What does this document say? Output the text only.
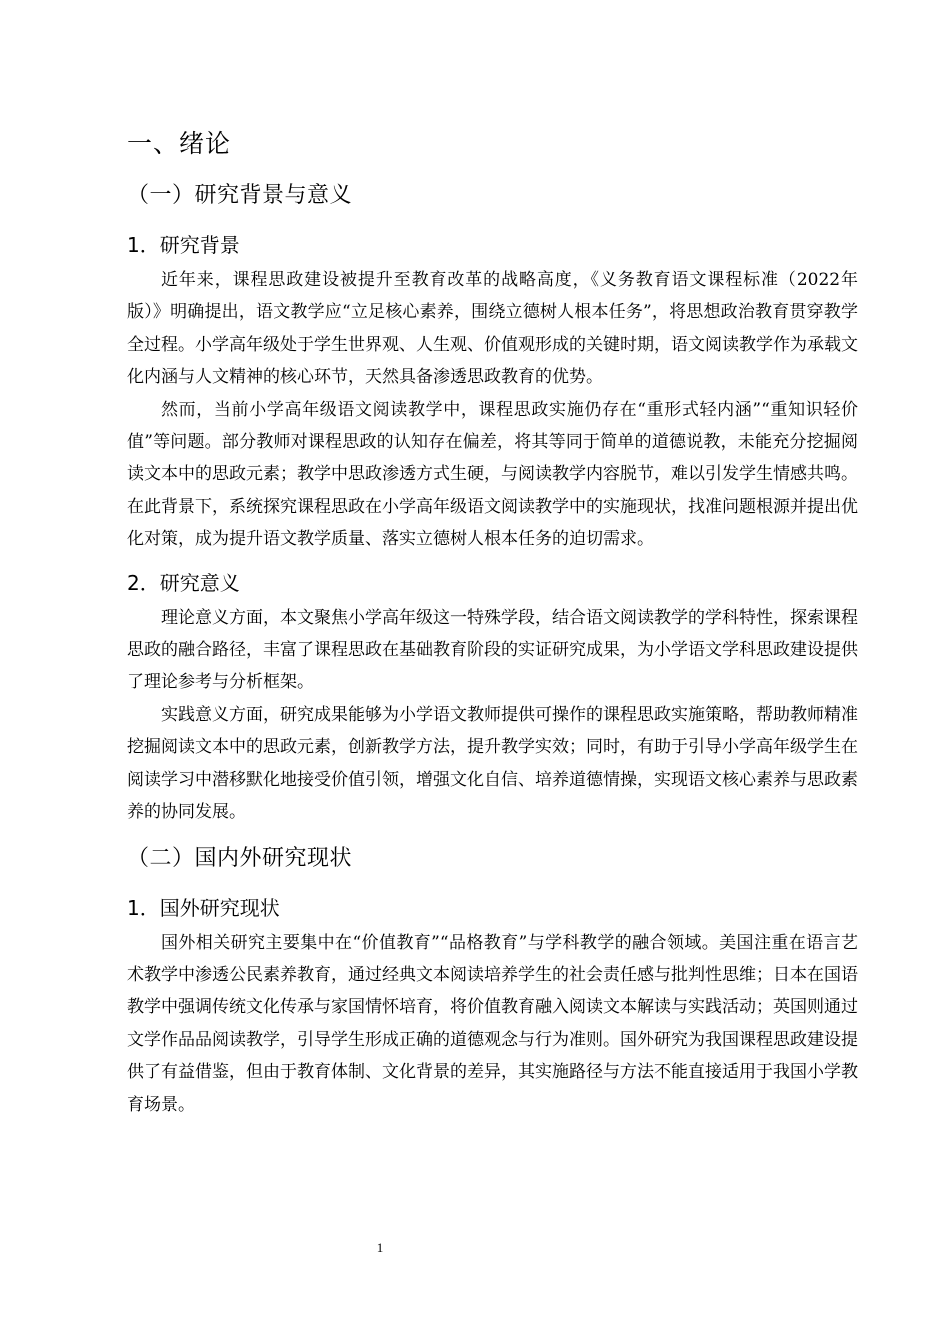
一、绪论
（一）研究背景与意义
1．研究背景

近年来，课程思政建设被提升至教育改革的战略高度，《义务教育语文课程标准（2022年版）》明确提出，语文教学应“立足核心素养，围绕立德树人根本任务”，将思想政治教育贯穿教学全过程。小学高年级处于学生世界观、人生观、价值观形成的关键时期，语文阅读教学作为承载文化内涵与人文精神的核心环节，天然具备渗透思政教育的优势。

然而，当前小学高年级语文阅读教学中，课程思政实施仍存在“重形式轻内涵”“重知识轻价值”等问题。部分教师对课程思政的认知存在偏差，将其等同于简单的道德说教，未能充分挖掘阅读文本中的思政元素；教学中思政渗透方式生硬，与阅读教学内容脱节，难以引发学生情感共鸣。在此背景下，系统探究课程思政在小学高年级语文阅读教学中的实施现状，找准问题根源并提出优化对策，成为提升语文教学质量、落实立德树人根本任务的迫切需求。

2．研究意义

理论意义方面，本文聚焦小学高年级这一特殊学段，结合语文阅读教学的学科特性，探索课程思政的融合路径，丰富了课程思政在基础教育阶段的实证研究成果，为小学语文学科思政建设提供了理论参考与分析框架。

实践意义方面，研究成果能够为小学语文教师提供可操作的课程思政实施策略，帮助教师精准挖掘阅读文本中的思政元素，创新教学方法，提升教学实效；同时，有助于引导小学高年级学生在阅读学习中潜移默化地接受价值引领，增强文化自信、培养道德情操，实现语文核心素养与思政素养的协同发展。

（二）国内外研究现状
1．国外研究现状

国外相关研究主要集中在“价值教育”“品格教育”与学科教学的融合领域。美国注重在语言艺术教学中渗透公民素养教育，通过经典文本阅读培养学生的社会责任感与批判性思维；日本在国语教学中强调传统文化传承与家国情怀培育，将价值教育融入阅读文本解读与实践活动；英国则通过文学作品品阅读教学，引导学生形成正确的道德观念与行为准则。国外研究为我国课程思政建设提供了有益借鉴，但由于教育体制、文化背景的差异，其实施路径与方法不能直接适用于我国小学教育场景。

1
